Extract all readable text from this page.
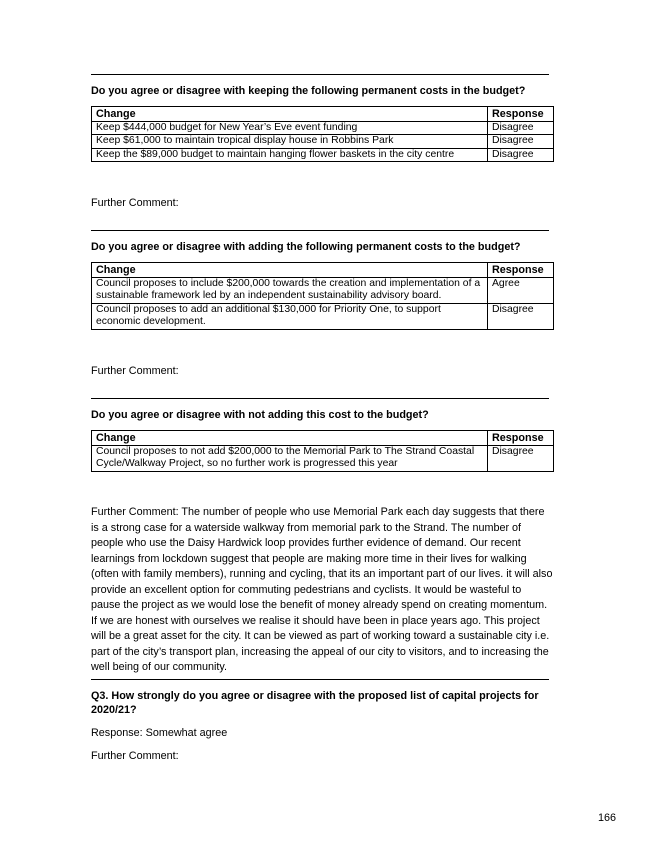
Do you agree or disagree with keeping the following permanent costs in the budget?
Change	Response
Keep $444,000 budget for New Year’s Eve event funding	Disagree
Keep $61,000 to maintain tropical display house in Robbins Park	Disagree
Keep the $89,000 budget to maintain hanging flower baskets in the city centre	Disagree
Further Comment:
Do you agree or disagree with adding the following permanent costs to the budget?
Change	Response
Council proposes to include $200,000 towards the creation and implementation of a sustainable framework led by an independent sustainability advisory board.	Agree
Council proposes to add an additional $130,000 for Priority One, to support economic development.	Disagree
Further Comment:
Do you agree or disagree with not adding this cost to the budget?
Change	Response
Council proposes to not add $200,000 to the Memorial Park to The Strand Coastal Cycle/Walkway Project, so no further work is progressed this year	Disagree
Further Comment: The number of people who use Memorial Park each day suggests that there is a strong case for a waterside walkway from memorial park to the Strand. The number of people who use the Daisy Hardwick loop provides further evidence of demand. Our recent learnings from lockdown suggest that people are making more time in their lives for walking (often with family members), running and cycling, that its an important part of our lives. it will also provide an excellent option for commuting pedestrians and cyclists. It would be wasteful to pause the project as we would lose the benefit of money already spend on creating momentum. If we are honest with ourselves we realise it should have been in place years ago. This project will be a great asset for the city. It can be viewed as part of working toward a sustainable city i.e. part of the city’s transport plan, increasing the appeal of our city to visitors, and to increasing the well being of our community.
Q3. How strongly do you agree or disagree with the proposed list of capital projects for 2020/21?
Response: Somewhat agree
Further Comment:
166
